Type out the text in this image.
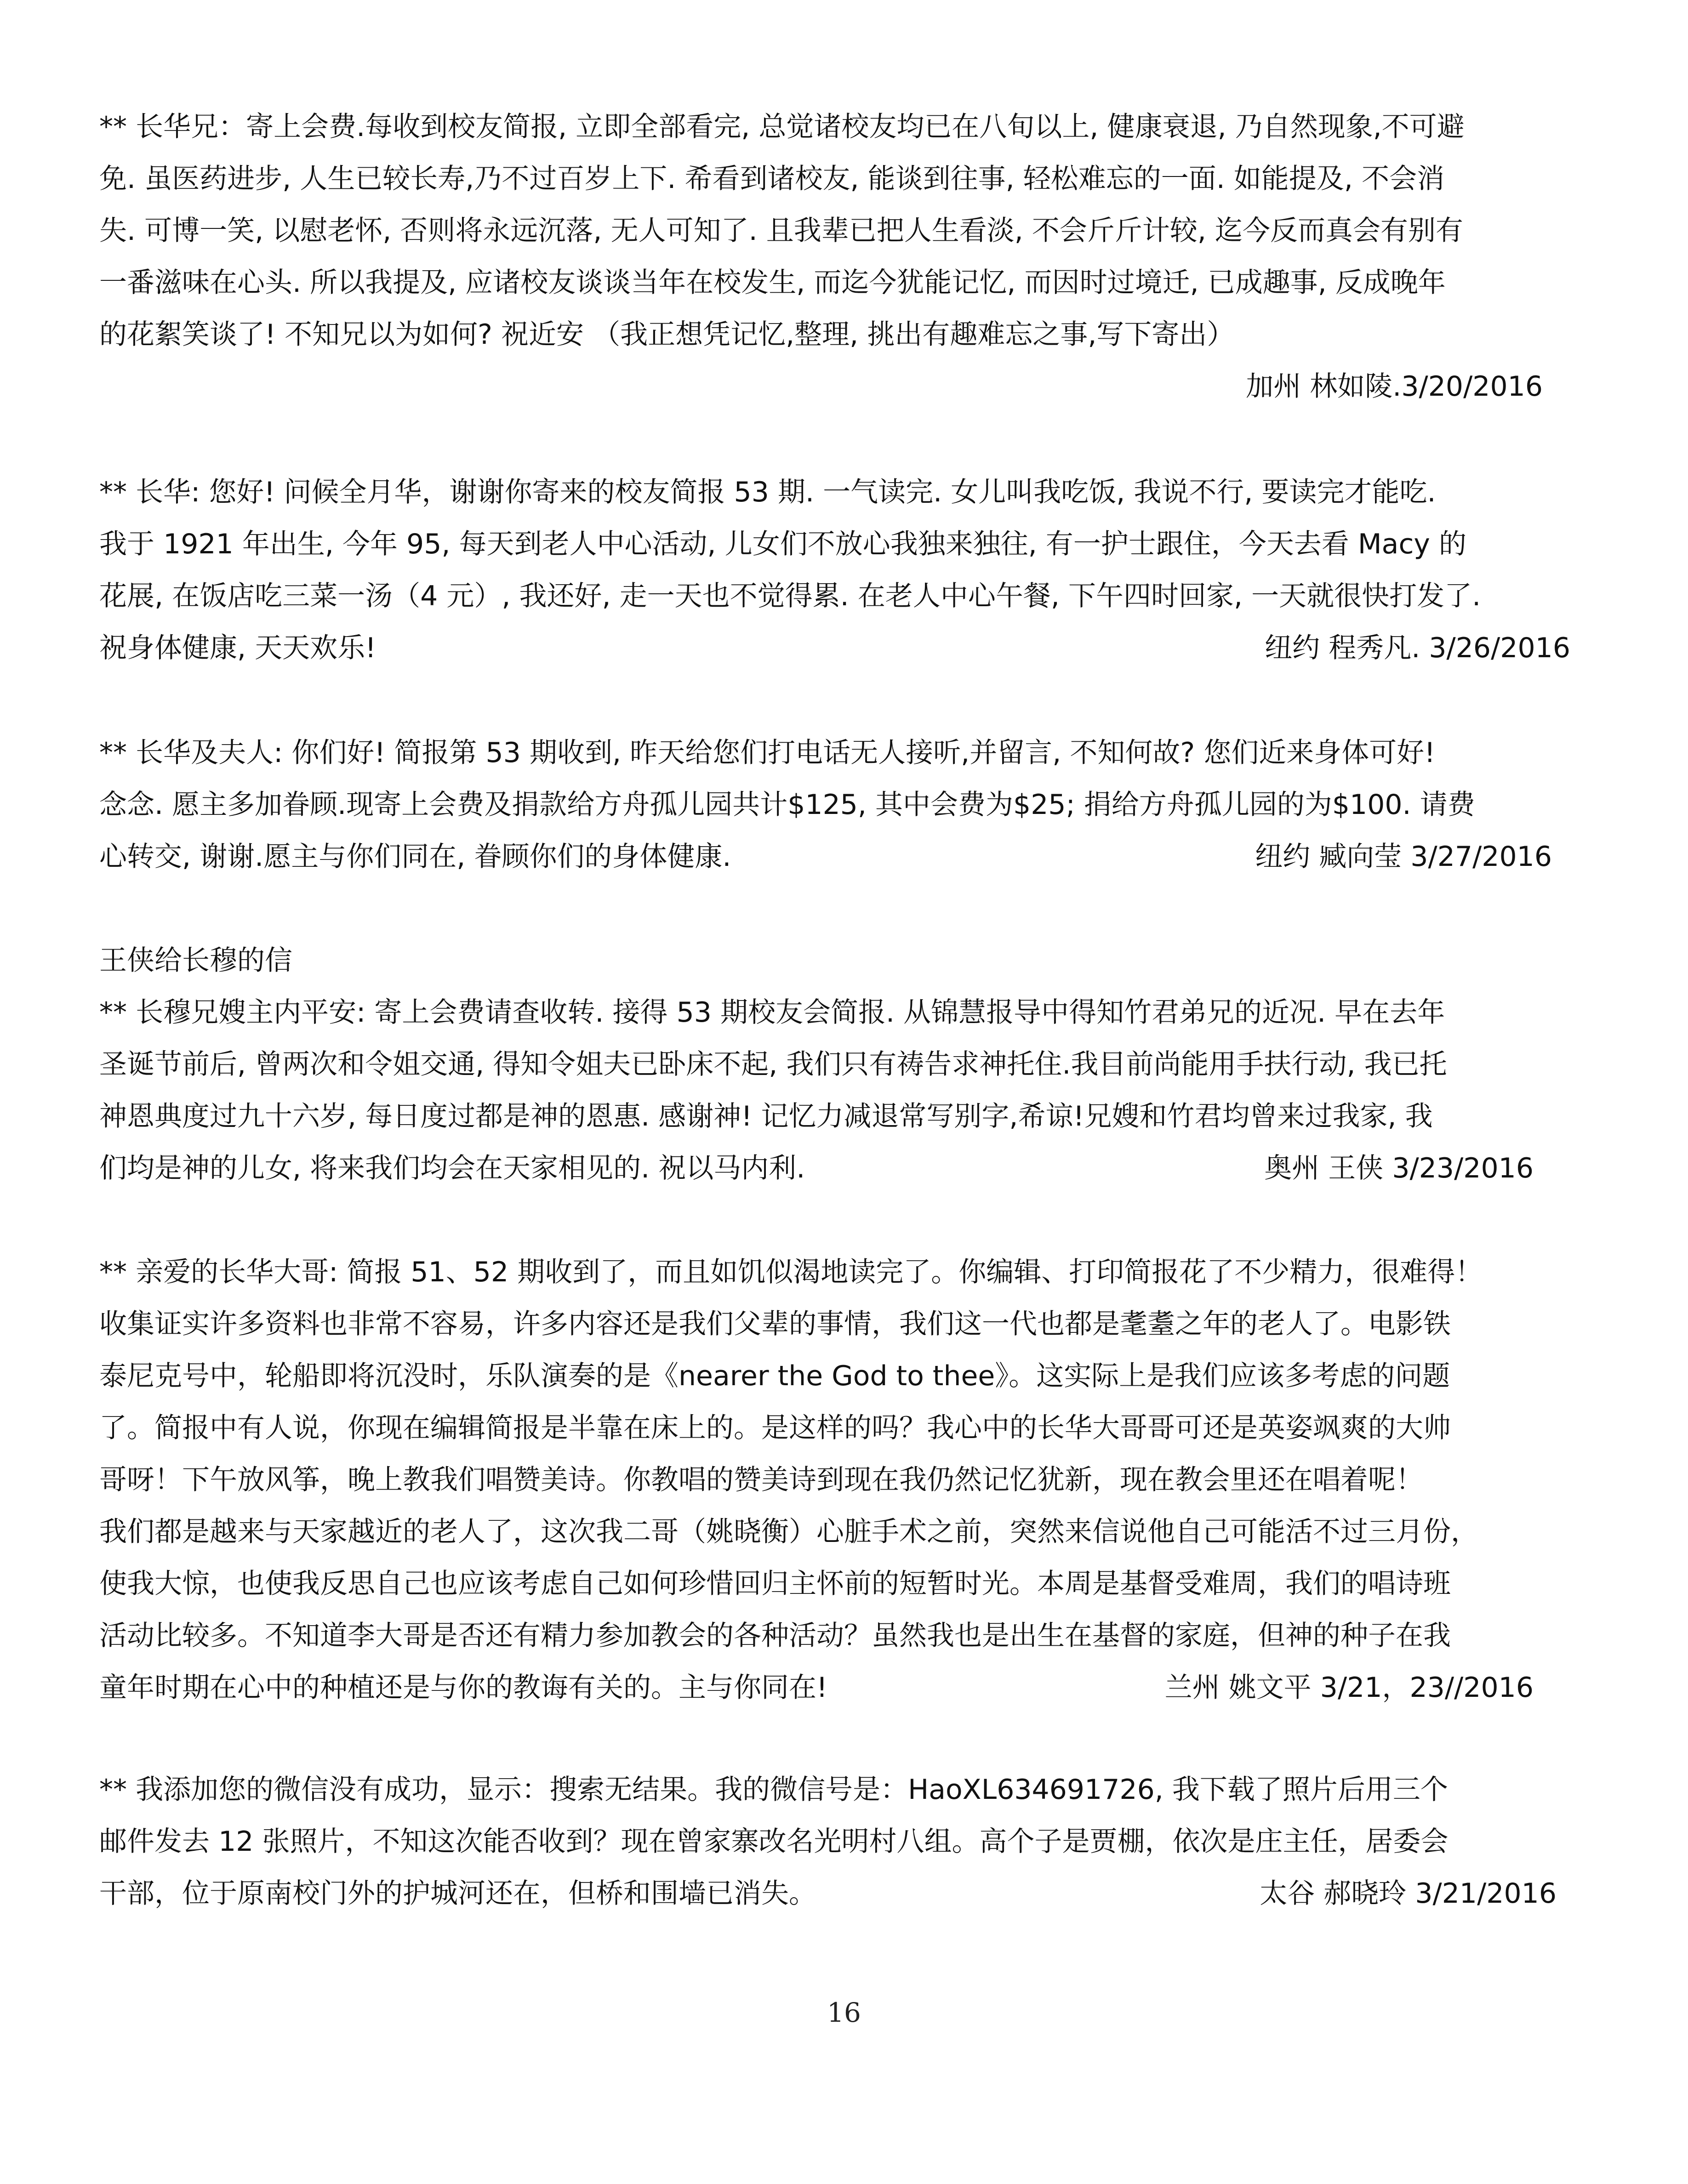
** 长华兄：寄上会费.每收到校友简报, 立即全部看完, 总觉诸校友均已在八旬以上, 健康衰退, 乃自然现象,不可避
免. 虽医药进步, 人生已较长寿,乃不过百岁上下. 希看到诸校友, 能谈到往事, 轻松难忘的一面. 如能提及, 不会消
失. 可博一笑, 以慰老怀, 否则将永远沉落, 无人可知了. 且我辈已把人生看淡, 不会斤斤计较, 迄今反而真会有别有
一番滋味在心头. 所以我提及, 应诸校友谈谈当年在校发生, 而迄今犹能记忆, 而因时过境迁, 已成趣事, 反成晚年
的花絮笑谈了! 不知兄以为如何? 祝近安 （我正想凭记忆,整理, 挑出有趣难忘之事,写下寄出）
加州 林如陵.3/20/2016
** 长华: 您好! 问候全月华，谢谢你寄来的校友简报 53 期. 一气读完. 女儿叫我吃饭, 我说不行, 要读完才能吃.
我于 1921 年出生, 今年 95, 每天到老人中心活动, 儿女们不放心我独来独往, 有一护士跟住，今天去看 Macy 的
花展, 在饭店吃三菜一汤（4 元）, 我还好, 走一天也不觉得累. 在老人中心午餐, 下午四时回家, 一天就很快打发了.
祝身体健康, 天天欢乐!	纽约 程秀凡. 3/26/2016
** 长华及夫人: 你们好! 简报第 53 期收到, 昨天给您们打电话无人接听,并留言, 不知何故? 您们近来身体可好!
念念. 愿主多加眷顾.现寄上会费及捐款给方舟孤儿园共计$125, 其中会费为$25; 捐给方舟孤儿园的为$100. 请费
心转交, 谢谢.愿主与你们同在, 眷顾你们的身体健康.	纽约 臧向莹 3/27/2016
王侠给长穆的信
** 长穆兄嫂主内平安: 寄上会费请查收转. 接得 53 期校友会简报. 从锦慧报导中得知竹君弟兄的近况. 早在去年
圣诞节前后, 曾两次和令姐交通, 得知令姐夫已卧床不起, 我们只有祷告求神托住.我目前尚能用手扶行动, 我已托
神恩典度过九十六岁, 每日度过都是神的恩惠. 感谢神! 记忆力减退常写别字,希谅!兄嫂和竹君均曾来过我家, 我
们均是神的儿女, 将来我们均会在天家相见的. 祝以马内利.	奥州 王侠 3/23/2016
** 亲爱的长华大哥: 简报 51、52 期收到了，而且如饥似渴地读完了。你编辑、打印简报花了不少精力，很难得！
收集证实许多资料也非常不容易，许多内容还是我们父辈的事情，我们这一代也都是耄耋之年的老人了。电影铁
泰尼克号中，轮船即将沉没时，乐队演奏的是《nearer the God to thee》。这实际上是我们应该多考虑的问题
了。简报中有人说，你现在编辑简报是半靠在床上的。是这样的吗？我心中的长华大哥哥可还是英姿飒爽的大帅
哥呀！下午放风筝，晚上教我们唱赞美诗。你教唱的赞美诗到现在我仍然记忆犹新，现在教会里还在唱着呢！
我们都是越来与天家越近的老人了，这次我二哥（姚晓衡）心脏手术之前，突然来信说他自己可能活不过三月份，
使我大惊，也使我反思自己也应该考虑自己如何珍惜回归主怀前的短暂时光。本周是基督受难周，我们的唱诗班
活动比较多。不知道李大哥是否还有精力参加教会的各种活动？虽然我也是出生在基督的家庭，但神的种子在我
童年时期在心中的种植还是与你的教诲有关的。主与你同在!	兰州 姚文平 3/21，23//2016
** 我添加您的微信没有成功，显示：搜索无结果。我的微信号是：HaoXL634691726, 我下载了照片后用三个
邮件发去 12 张照片，不知这次能否收到？现在曾家寨改名光明村八组。高个子是贾棚，依次是庄主任，居委会
干部，位于原南校门外的护城河还在，但桥和围墙已消失。	太谷 郝晓玲 3/21/2016
16
